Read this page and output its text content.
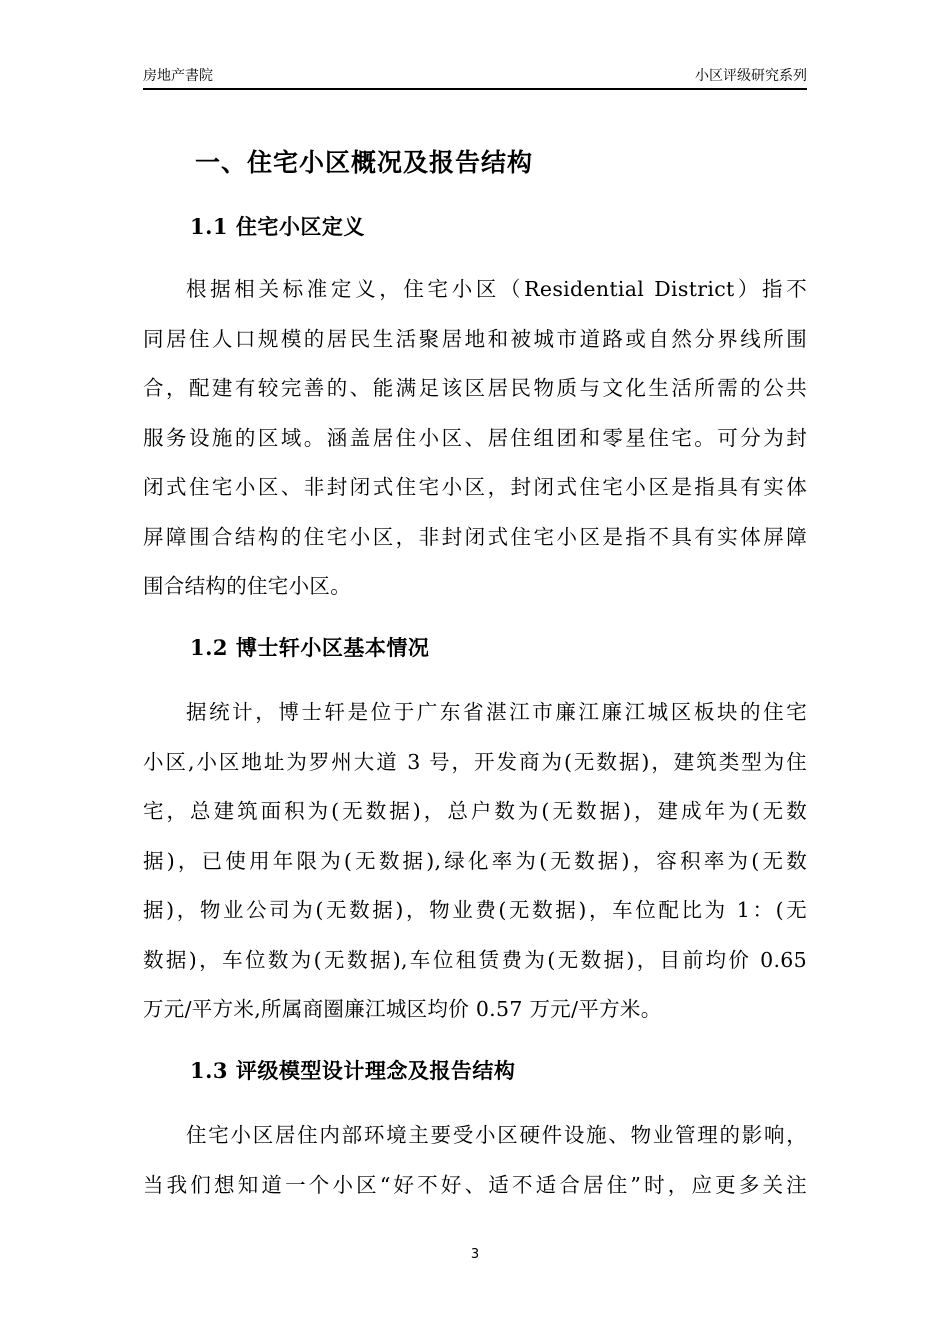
房地产書院	小区评级研究系列
一、住宅小区概况及报告结构
1.1 住宅小区定义
根据相关标准定义，住宅小区（Residential District）指不
同居住人口规模的居民生活聚居地和被城市道路或自然分界线所围
合，配建有较完善的、能满足该区居民物质与文化生活所需的公共
服务设施的区域。涵盖居住小区、居住组团和零星住宅。可分为封
闭式住宅小区、非封闭式住宅小区，封闭式住宅小区是指具有实体
屏障围合结构的住宅小区，非封闭式住宅小区是指不具有实体屏障
围合结构的住宅小区。
1.2 博士轩小区基本情况
据统计，博士轩是位于广东省湛江市廉江廉江城区板块的住宅
小区,小区地址为罗州大道 3 号，开发商为(无数据)，建筑类型为住
宅，总建筑面积为(无数据)，总户数为(无数据)，建成年为(无数
据)，已使用年限为(无数据),绿化率为(无数据)，容积率为(无数
据)，物业公司为(无数据)，物业费(无数据)，车位配比为 1：(无
数据)，车位数为(无数据),车位租赁费为(无数据)，目前均价 0.65
万元/平方米,所属商圈廉江城区均价 0.57 万元/平方米。
1.3 评级模型设计理念及报告结构
住宅小区居住内部环境主要受小区硬件设施、物业管理的影响，
当我们想知道一个小区“好不好、适不适合居住”时，应更多关注
3
